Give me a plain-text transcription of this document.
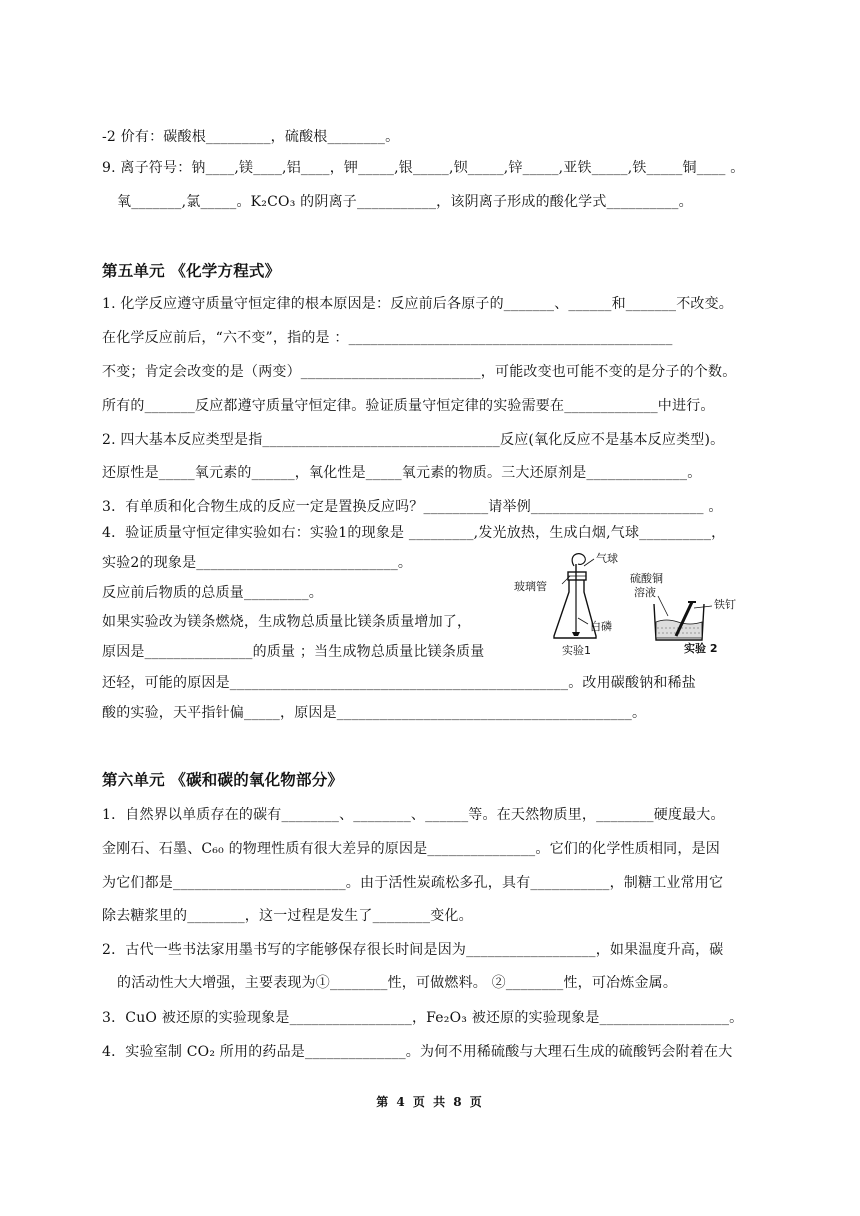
-2 价有：碳酸根_________，硫酸根________。
9. 离子符号：钠____,镁____,铝____，钾_____,银_____,钡_____,锌_____,亚铁_____,铁_____铜____ 。
氧_______,氯_____。K₂CO₃ 的阴离子___________，该阴离子形成的酸化学式__________。
第五单元 《化学方程式》
1. 化学反应遵守质量守恒定律的根本原因是：反应前后各原子的_______、______和_______不改变。
在化学反应前后，“六不变”，指的是 ：_____________________________________________
不变；肯定会改变的是（两变）_________________________，可能改变也可能不变的是分子的个数。
所有的_______反应都遵守质量守恒定律。验证质量守恒定律的实验需要在_____________中进行。
2. 四大基本反应类型是指_________________________________反应(氧化反应不是基本反应类型)。
还原性是_____氧元素的______，氧化性是_____氧元素的物质。三大还原剂是______________。
3．有单质和化合物生成的反应一定是置换反应吗？_________请举例________________________ 。
4．验证质量守恒定律实验如右：实验1的现象是 _________,发光放热，生成白烟,气球__________，
实验2的现象是____________________________。
反应前后物质的总质量_________。
如果实验改为镁条燃烧，生成物总质量比镁条质量增加了，
原因是_______________的质量 ；当生成物总质量比镁条质量
还轻，可能的原因是_______________________________________________。改用碳酸钠和稀盐
酸的实验，天平指针偏_____，原因是_________________________________________。
第六单元 《碳和碳的氧化物部分》
1．自然界以单质存在的碳有________、________、______等。在天然物质里，________硬度最大。
金刚石、石墨、C₆₀ 的物理性质有很大差异的原因是_______________。它们的化学性质相同，是因
为它们都是________________________。由于活性炭疏松多孔，具有___________，制糖工业常用它
除去糖浆里的________，这一过程是发生了________变化。
2．古代一些书法家用墨书写的字能够保存很长时间是因为__________________，如果温度升高，碳
的活动性大大增强，主要表现为①________性，可做燃料。 ②________性，可冶炼金属。
3．CuO 被还原的实验现象是_________________，Fe₂O₃ 被还原的实验现象是__________________。
4．实验室制 CO₂ 所用的药品是______________。为何不用稀硫酸与大理石生成的硫酸钙会附着在大
气球
玻璃管
白磷
实验1
硫酸铜
溶液
铁钉
实验 2
第 4 页 共 8 页
